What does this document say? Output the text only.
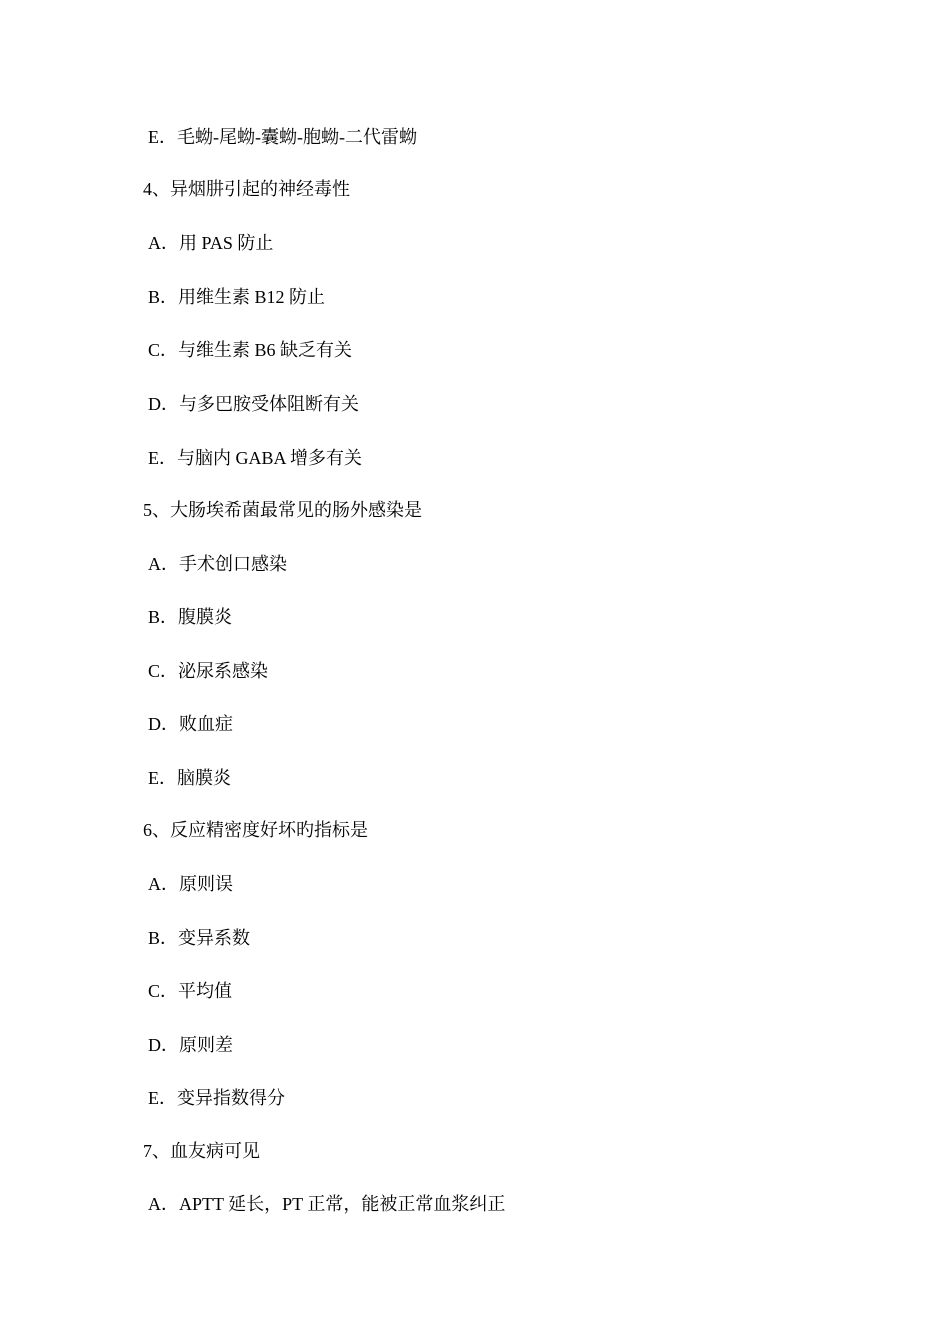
E．毛蚴-尾蚴-囊蚴-胞蚴-二代雷蚴
4、异烟肼引起的神经毒性
A．用 PAS 防止
B．用维生素 B12 防止
C．与维生素 B6 缺乏有关
D．与多巴胺受体阻断有关
E．与脑内 GABA 增多有关
5、大肠埃希菌最常见的肠外感染是
A．手术创口感染
B．腹膜炎
C．泌尿系感染
D．败血症
E．脑膜炎
6、反应精密度好坏旳指标是
A．原则误
B．变异系数
C．平均值
D．原则差
E．变异指数得分
7、血友病可见
A．APTT 延长，PT 正常，能被正常血浆纠正
